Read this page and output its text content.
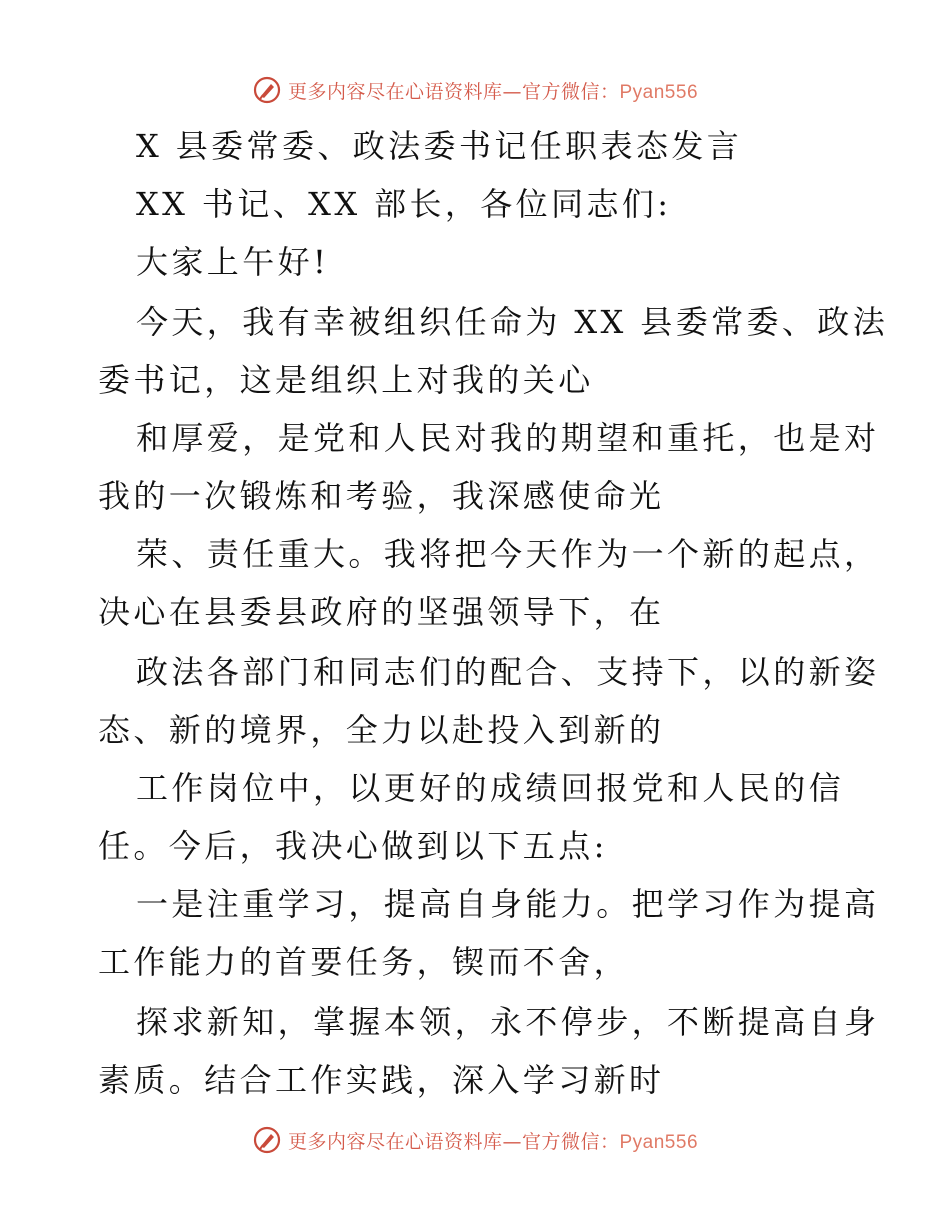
更多内容尽在心语资料库—官方微信：Pyan556
X 县委常委、政法委书记任职表态发言
XX 书记、XX 部长，各位同志们:
大家上午好!
今天，我有幸被组织任命为 XX 县委常委、政法
委书记，这是组织上对我的关心
和厚爱，是党和人民对我的期望和重托，也是对
我的一次锻炼和考验，我深感使命光
荣、责任重大。我将把今天作为一个新的起点，
决心在县委县政府的坚强领导下，在
政法各部门和同志们的配合、支持下，以的新姿
态、新的境界，全力以赴投入到新的
工作岗位中，以更好的成绩回报党和人民的信
任。今后，我决心做到以下五点:
一是注重学习，提高自身能力。把学习作为提高
工作能力的首要任务，锲而不舍，
探求新知，掌握本领，永不停步，不断提高自身
素质。结合工作实践，深入学习新时
更多内容尽在心语资料库—官方微信：Pyan556
